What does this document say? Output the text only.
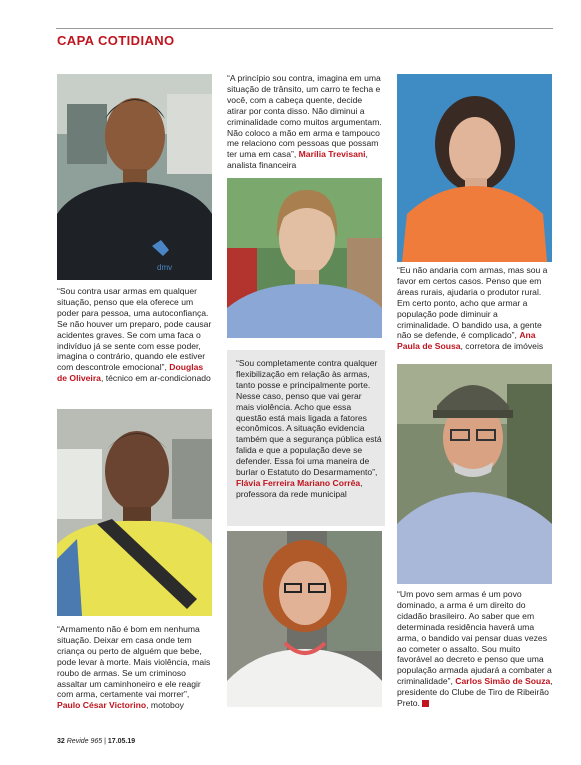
CAPA COTIDIANO
dmv
“Sou contra usar armas em qualquer situação, penso que ela oferece um poder para pessoa, uma autoconfiança. Se não houver um preparo, pode causar acidentes graves. Se com uma faca o indivíduo já se sente com esse poder, imagina o contrário, quando ele estiver com descontrole emocional”, Douglas de Oliveira, técnico em ar-condicionado
“Armamento não é bom em nenhuma situação. Deixar em casa onde tem criança ou perto de alguém que bebe, pode levar à morte. Mais violência, mais roubo de armas. Se um criminoso assaltar um caminhoneiro e ele reagir com arma, certamente vai morrer”, Paulo César Victorino, motoboy
“A princípio sou contra, imagina em uma situação de trânsito, um carro te fecha e você, com a cabeça quente, decide atirar por conta disso. Não diminui a criminalidade como muitos argumentam. Não coloco a mão em arma e tampouco me relaciono com pessoas que possam ter uma em casa”, Marília Trevisani, analista financeira
“Sou completamente contra qualquer flexibilização em relação às armas, tanto posse e principalmente porte. Nesse caso, penso que vai gerar mais violência. Acho que essa questão está mais ligada a fatores econômicos. A situação evidencia também que a segurança pública está falida e que a população deve se defender. Essa foi uma maneira de burlar o Estatuto do Desarmamento”, Flávia Ferreira Mariano Corrêa, professora da rede municipal
“Eu não andaria com armas, mas sou a favor em certos casos. Penso que em áreas rurais, ajudaria o produtor rural. Em certo ponto, acho que armar a população pode diminuir a criminalidade. O bandido usa, a gente não se defende, é complicado”, Ana Paula de Sousa, corretora de imóveis
“Um povo sem armas é um povo dominado, a arma é um direito do cidadão brasileiro. Ao saber que em determinada residência haverá uma arma, o bandido vai pensar duas vezes ao cometer o assalto. Sou muito favorável ao decreto e penso que uma população armada ajudará a combater a criminalidade”, Carlos Simão de Souza, presidente do Clube de Tiro de Ribeirão Preto.
32 Revide 965 | 17.05.19
